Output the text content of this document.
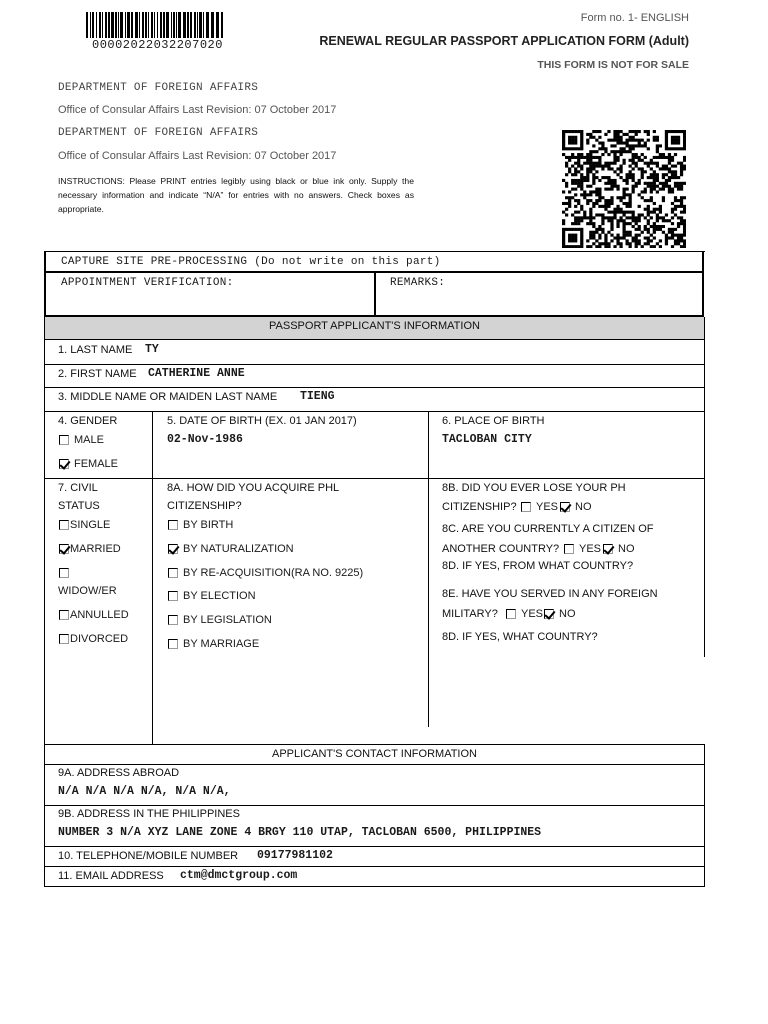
00002022032207020
Form no. 1- ENGLISH
RENEWAL REGULAR PASSPORT APPLICATION FORM (Adult)
THIS FORM IS NOT FOR SALE
DEPARTMENT OF FOREIGN AFFAIRS
Office of Consular Affairs Last Revision: 07 October 2017
DEPARTMENT OF FOREIGN AFFAIRS
Office of Consular Affairs Last Revision: 07 October 2017
INSTRUCTIONS: Please PRINT entries legibly using black or blue ink only. Supply the necessary information and indicate “N/A” for entries with no answers. Check boxes as appropriate.
CAPTURE SITE PRE-PROCESSING (Do not write on this part)
APPOINTMENT VERIFICATION:	REMARKS:
PASSPORT APPLICANT'S INFORMATION
1. LAST NAME TY
2. FIRST NAME CATHERINE ANNE
3. MIDDLE NAME OR MAIDEN LAST NAME TIENG
4. GENDER
MALE
FEMALE
5. DATE OF BIRTH (EX. 01 JAN 2017)
02-Nov-1986
6. PLACE OF BIRTH
TACLOBAN CITY
7. CIVIL
STATUS
SINGLE
MARRIED
WIDOW/ER
ANNULLED
DIVORCED
8A. HOW DID YOU ACQUIRE PHL
CITIZENSHIP?
BY BIRTH
BY NATURALIZATION
BY RE-ACQUISITION(RA NO. 9225)
BY ELECTION
BY LEGISLATION
BY MARRIAGE
8B. DID YOU EVER LOSE YOUR PH
CITIZENSHIP? YES NO
8C. ARE YOU CURRENTLY A CITIZEN OF
ANOTHER COUNTRY? YES NO
8D. IF YES, FROM WHAT COUNTRY?
8E. HAVE YOU SERVED IN ANY FOREIGN
MILITARY? YES NO
8D. IF YES, WHAT COUNTRY?
APPLICANT'S CONTACT INFORMATION
9A. ADDRESS ABROAD
N/A N/A N/A N/A, N/A N/A,
9B. ADDRESS IN THE PHILIPPINES
NUMBER 3 N/A XYZ LANE ZONE 4 BRGY 110 UTAP, TACLOBAN 6500, PHILIPPINES
10. TELEPHONE/MOBILE NUMBER 09177981102
11. EMAIL ADDRESS ctm@dmctgroup.com
